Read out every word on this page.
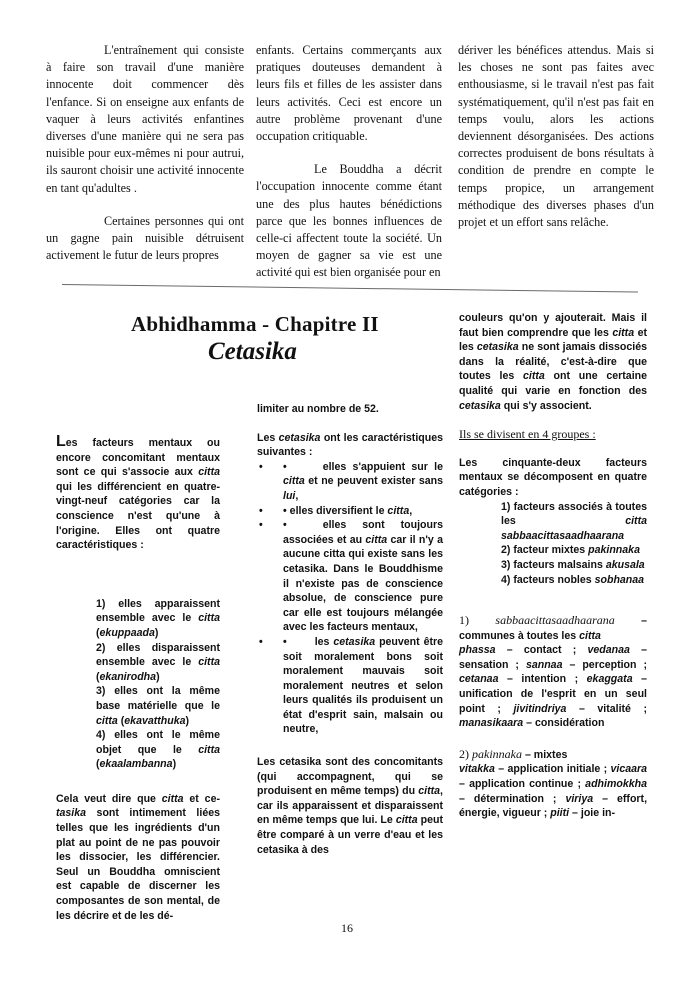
L'entraînement qui consiste à faire son travail d'une manière innocente doit commencer dès l'enfance. Si on enseigne aux enfants de vaquer à leurs activités enfantines diverses d'une manière qui ne sera pas nuisible pour eux-mêmes ni pour autrui, ils sauront choisir une activité innocente en tant qu'adultes .

Certaines personnes qui ont un gagne pain nuisible détruisent activement le futur de leurs propres

enfants. Certains commerçants aux pratiques douteuses demandent à leurs fils et filles de les assister dans leurs activités. Ceci est encore un autre problème provenant d'une occupation critiquable.

Le Bouddha a décrit l'occupation innocente comme étant une des plus hautes bénédictions parce que les bonnes influences de celle-ci affectent toute la société. Un moyen de gagner sa vie est une activité qui est bien organisée pour en

dériver les bénéfices attendus. Mais si les choses ne sont pas faites avec enthousiasme, si le travail n'est pas fait systématiquement, qu'il n'est pas fait en temps voulu, alors les actions deviennent désorganisées. Des actions correctes produisent de bons résultats à condition de prendre en compte le temps propice, un arrangement méthodique des diverses phases d'un projet et un effort sans relâche.

Abhidhamma - Chapitre II
Cetasika

Les facteurs mentaux ou encore concomitant mentaux sont ce qui s'associe aux citta qui les différencient en quatre-vingt-neuf catégories car la conscience n'est qu'une à l'origine. Elles ont quatre caractéristiques :

1) elles apparaissent ensemble avec le citta (ekuppaada)

2) elles disparaissent ensemble avec le citta (ekanirodha)

3) elles ont la même base matérielle que le citta (ekavatthuka)

4) elles ont le même objet que le citta (ekaalambanna)

Cela veut dire que citta et ce-tasika sont intimement liées telles que les ingrédients d'un plat au point de ne pas pouvoir les dissocier, les différencier. Seul un Bouddha omniscient est capable de discerner les composantes de son mental, de les décrire et de les dé-

limiter au nombre de 52.

Les cetasika ont les caractéristiques suivantes :

• •	elles s'appuient sur le citta et ne peuvent exister sans lui,
• • elles diversifient le citta,
• •	elles sont toujours associées et au citta car il n'y a aucune citta qui existe sans les cetasika. Dans le Bouddhisme il n'existe pas de conscience absolue, de conscience pure car elle est toujours mélangée avec les facteurs mentaux,
• •	les cetasika peuvent être soit moralement bons soit moralement mauvais soit moralement neutres et selon leurs qualités ils produisent un état d'esprit sain, malsain ou neutre,

Les cetasika sont des concomitants (qui accompagnent, qui se produisent en même temps) du citta, car ils apparaissent et disparaissent en même temps que lui. Le citta peut être comparé à un verre d'eau et les cetasika à des

couleurs qu'on y ajouterait. Mais il faut bien comprendre que les citta et les cetasika ne sont jamais dissociés dans la réalité, c'est-à-dire que toutes les citta ont une certaine qualité qui varie en fonction des cetasika qui s'y associent.

Ils se divisent en 4 groupes :

Les cinquante-deux facteurs mentaux se décomposent en quatre catégories :

1) facteurs associés à toutes les citta sabbaacittasaadhaarana

2) facteur mixtes pakinnaka

3) facteurs malsains akusala

4) facteurs nobles sobhanaa

1) sabbaacittasaadhaarana – communes à toutes les citta
phassa – contact ; vedanaa – sensation ; sannaa – perception ; cetanaa – intention ; ekaggata – unification de l'esprit en un seul point ; jivitindriya – vitalité ; manasikaara – considération

2) pakinnaka – mixtes
vitakka – application initiale ; vicaara – application continue ; adhimokkha – détermination ; viriya – effort, énergie, vigueur ; piiti – joie in-

16
